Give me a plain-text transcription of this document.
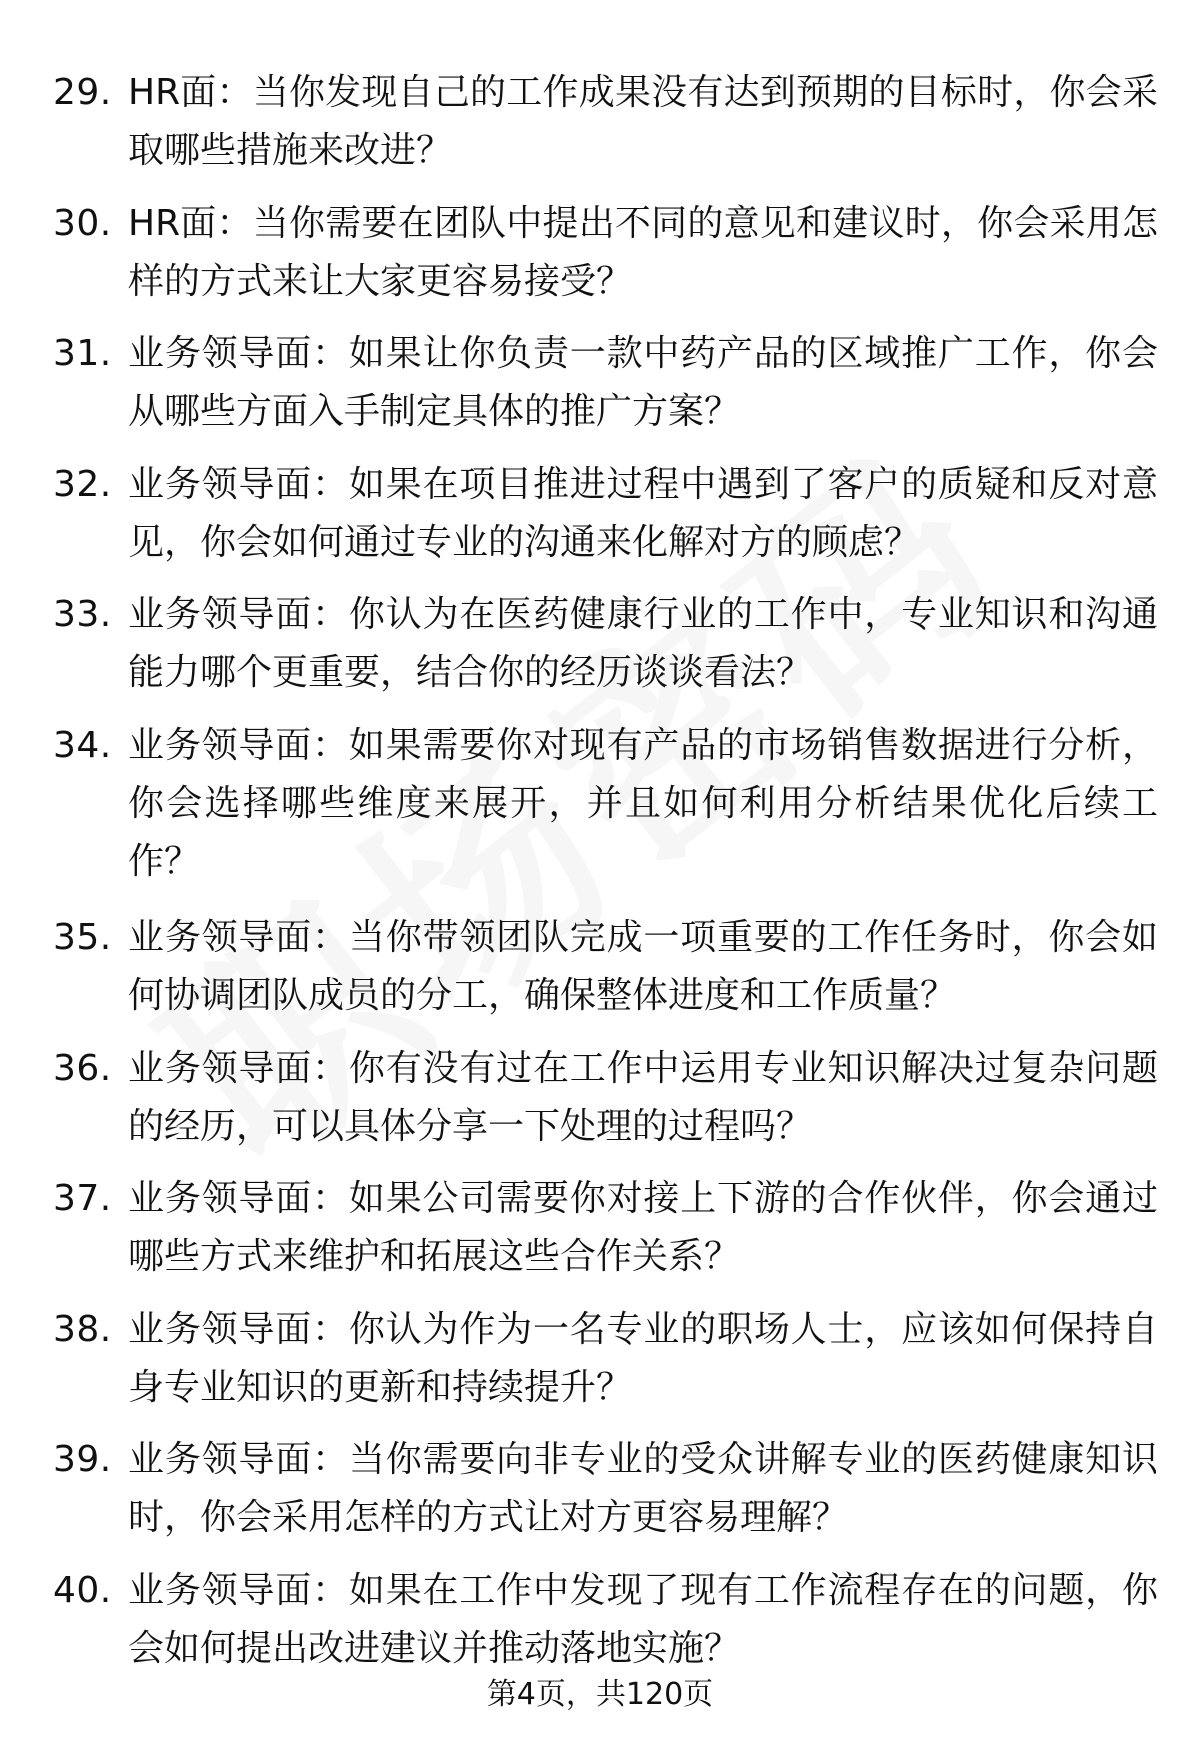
29. HR面：当你发现自己的工作成果没有达到预期的目标时，你会采取哪些措施来改进？
30. HR面：当你需要在团队中提出不同的意见和建议时，你会采用怎样的方式来让大家更容易接受？
31. 业务领导面：如果让你负责一款中药产品的区域推广工作，你会从哪些方面入手制定具体的推广方案？
32. 业务领导面：如果在项目推进过程中遇到了客户的质疑和反对意见，你会如何通过专业的沟通来化解对方的顾虑？
33. 业务领导面：你认为在医药健康行业的工作中，专业知识和沟通能力哪个更重要，结合你的经历谈谈看法？
34. 业务领导面：如果需要你对现有产品的市场销售数据进行分析，你会选择哪些维度来展开，并且如何利用分析结果优化后续工作？
35. 业务领导面：当你带领团队完成一项重要的工作任务时，你会如何协调团队成员的分工，确保整体进度和工作质量？
36. 业务领导面：你有没有过在工作中运用专业知识解决过复杂问题的经历，可以具体分享一下处理的过程吗？
37. 业务领导面：如果公司需要你对接上下游的合作伙伴，你会通过哪些方式来维护和拓展这些合作关系？
38. 业务领导面：你认为作为一名专业的职场人士，应该如何保持自身专业知识的更新和持续提升？
39. 业务领导面：当你需要向非专业的受众讲解专业的医药健康知识时，你会采用怎样的方式让对方更容易理解？
40. 业务领导面：如果在工作中发现了现有工作流程存在的问题，你会如何提出改进建议并推动落地实施？
第4页，共120页
